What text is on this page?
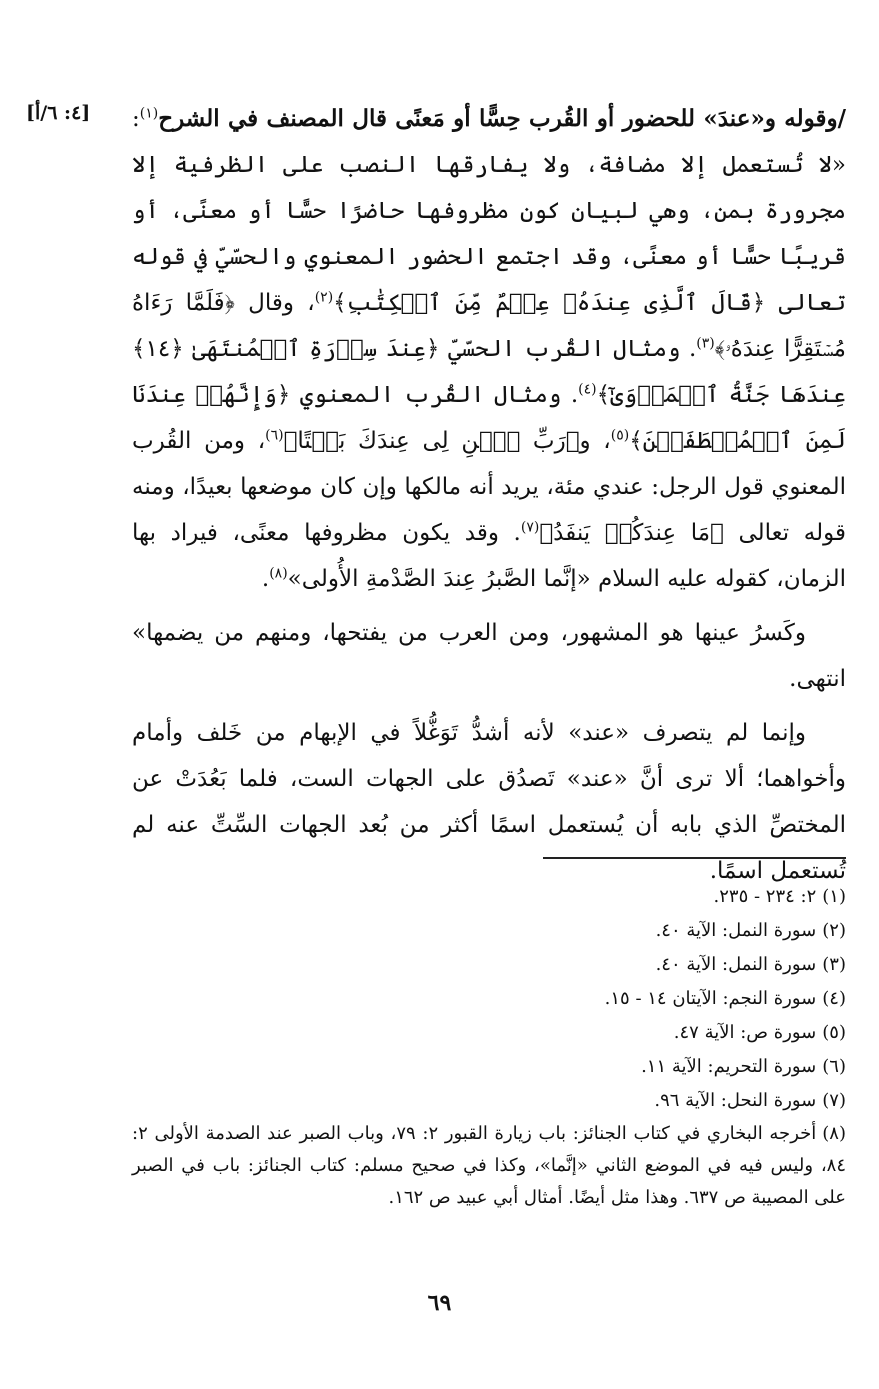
[٤: ٦/أ]	/وقوله و«عندَ» للحضور أو القُرب حِسًّا أو مَعنًى قال المصنف في الشرح$^{(١)}$: «لا تُستعمل إلا مضافة، ولا يفارقها النصب على الظرفية إلا مجرورة بمن، وهي لبيان كون مظروفها حاضرًا حسًّا أو معنًى، أو قريبًا حسًّا أو معنًى، وقد اجتمع الحضور المعنوي والحسّيّ في قوله تعالى ﴿قَالَ ٱلَّذِى عِندَهُۥ عِلۡمٌ مِّنَ ٱلۡكِتَٰبِ﴾$^{(٢)}$، وقال ﴿فَلَمَّا رَءَاهُ مُسۡتَقِرًّا عِندَهُۥ﴾$^{(٣)}$. ومثال القُرب الحسّيّ ﴿عِندَ سِدۡرَةِ ٱلۡمُنتَهَىٰ ﴿١٤﴾ عِندَهَا جَنَّةُ ٱلۡمَأۡوَىٰٓ﴾$^{(٤)}$. ومثال القُرب المعنوي ﴿وَإِنَّهُمۡ عِندَنَا لَمِنَ ٱلۡمُصۡطَفَيۡنَ﴾$^{(٥)}$، و﴿رَبِّ ٱبۡنِ لِى عِندَكَ بَيۡتًا﴾$^{(٦)}$، ومن القُرب المعنوي قول الرجل: عندي مئة، يريد أنه مالكها وإن كان موضعها بعيدًا، ومنه قوله تعالى ﴿مَا عِندَكُمۡ يَنفَدُ﴾$^{(٧)}$. وقد يكون مظروفها معنًى، فيراد بها الزمان، كقوله عليه السلام «إنَّما الصَّبرُ عِندَ الصَّدْمةِ الأُولى»$^{(٨)}$.

وكَسرُ عينها هو المشهور، ومن العرب من يفتحها، ومنهم من يضمها» انتهى.

وإنما لم يتصرف «عند» لأنه أشدُّ تَوَغُّلاً في الإبهام من خَلف وأمام وأخواهما؛ ألا ترى أنَّ «عند» تَصدُق على الجهات الست، فلما بَعُدَتْ عن المختصِّ الذي بابه أن يُستعمل اسمًا أكثر من بُعد الجهات السِّتِّ عنه لم تُستعمل اسمًا.

(١)٢: ٢٣٤ - ٢٣٥.
(٢)سورة النمل: الآية ٤٠.
(٣)سورة النمل: الآية ٤٠.
(٤)سورة النجم: الآيتان ١٤ - ١٥.
(٥)سورة ص: الآية ٤٧.
(٦)سورة التحريم: الآية ١١.
(٧)سورة النحل: الآية ٩٦.
(٨)أخرجه البخاري في كتاب الجنائز: باب زيارة القبور ٢: ٧٩، وباب الصبر عند الصدمة الأولى ٢: ٨٤، وليس فيه في الموضع الثاني «إنَّما»، وكذا في صحيح مسلم: كتاب الجنائز: باب في الصبر على المصيبة ص ٦٣٧. وهذا مثل أيضًا. أمثال أبي عبيد ص ١٦٢.
٦٩
